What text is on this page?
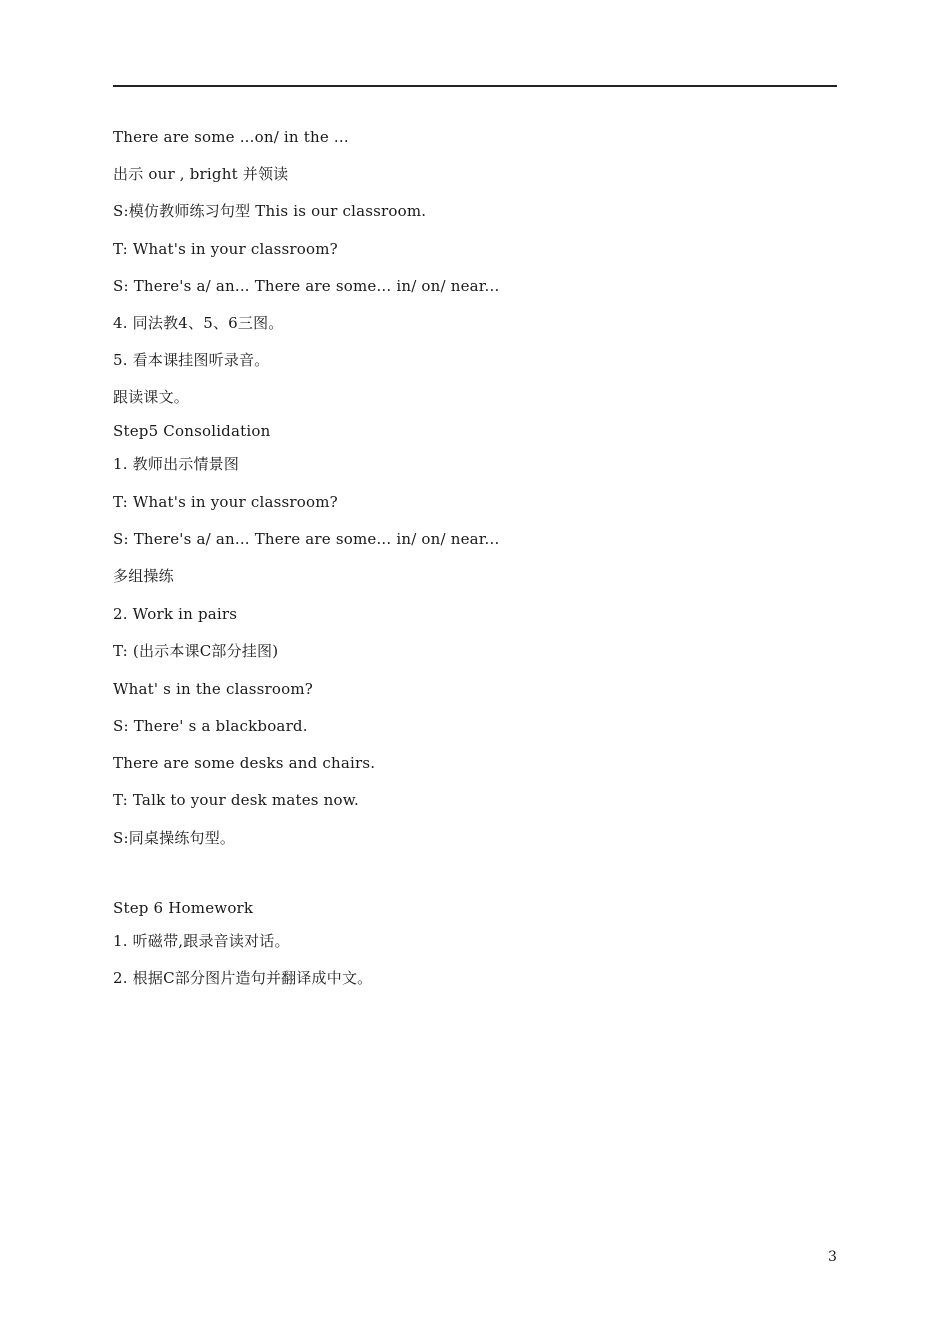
There are some ...on/ in the ...
出示 our , bright 并领读
S:模仿教师练习句型 This is our classroom.
T: What's in your classroom?
S: There's a/ an... There are some... in/ on/ near...
4. 同法教4、5、6三图。
5. 看本课挂图听录音。
跟读课文。
Step5 Consolidation
1. 教师出示情景图
T: What's in your classroom?
S: There's a/ an... There are some... in/ on/ near...
多组操练
2. Work in pairs
T: (出示本课C部分挂图)
What' s in the classroom?
S: There' s a blackboard.
There are some desks and chairs.
T: Talk to your desk mates now.
S:同桌操练句型。
Step 6 Homework
1. 听磁带,跟录音读对话。
2. 根据C部分图片造句并翻译成中文。
3
